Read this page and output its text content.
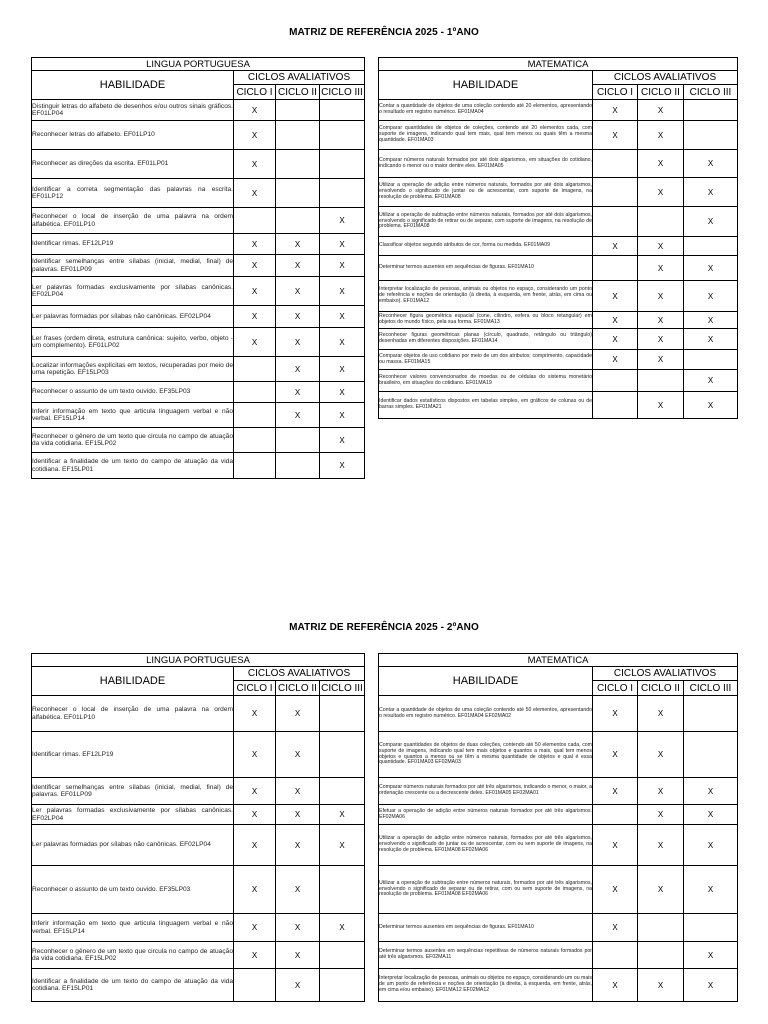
MATRIZ DE REFERÊNCIA 2025 - 1ºANO
LINGUA PORTUGUESA			
HABILIDADE	CICLOS AVALIATIVOS		
	CICLO I	CICLO II	CICLO III
Distinguir letras do alfabeto de desenhos e/ou outros sinais gráficos. EF01LP04	X		
Reconhecer letras do alfabeto. EF01LP10	X		
Reconhecer as direções da escrita. EF01LP01	X		
Identificar a correta segmentação das palavras na escrita. EF01LP12	X		
Reconhecer o local de inserção de uma palavra na ordem alfabética. EF01LP10			X
Identificar rimas. EF12LP19	X	X	X
Identificar semelhanças entre sílabas (inicial, medial, final) de palavras. EF01LP09	X	X	X
Ler palavras formadas exclusivamente por sílabas canônicas. EF02LP04	X	X	X
Ler palavras formadas por sílabas não canônicas. EF02LP04	X	X	X
Ler frases (ordem direta, estrutura canônica: sujeito, verbo, objeto - um complemento). EF01LP02	X	X	X
Localizar informações explícitas em textos, recuperadas por meio de uma repetição. EF15LP03		X	X
Reconhecer o assunto de um texto ouvido. EF35LP03		X	X
Inferir informação em texto que articula linguagem verbal e não verbal. EF15LP14		X	X
Reconhecer o gênero de um texto que circula no campo de atuação da vida cotidiana. EF15LP02			X
Identificar a finalidade de um texto do campo de atuação da vida cotidiana. EF15LP01			X
MATEMATICA			
HABILIDADE	CICLOS AVALIATIVOS		
	CICLO I	CICLO II	CICLO III
Contar a quantidade de objetos de uma coleção contendo até 20 elementos, apresentando o resultado em registro numérico. EF01MA04	X	X	
Comparar quantidades de objetos de coleções, contendo até 20 elementos cada, com suporte de imagens, indicando qual tem mais, qual tem menos ou quais têm a mesma quantidade. EF01MA03	X	X	
Comparar números naturais formados por até dois algarismos, em situações do cotidiano, indicando o menor ou o maior dentre eles. EF01MA05		X	X
Utilizar a operação de adição entre números naturais, formados por até dois algarismos, envolvendo o significado de juntar ou de acrescentar, com suporte de imagens, na resolução de problema. EF01MA08		X	X
Utilizar a operação de subtração entre números naturais, formados por até dois algarismos, envolvendo o significado de retirar ou de separar, com suporte de imagens, na resolução de problema. EF01MA08			X
Classificar objetos segundo atributos de cor, forma ou medida. EF01MA09	X	X	
Determinar termos ausentes em sequências de figuras. EF01MA10		X	X
Interpretar localização de pessoas, animais ou objetos no espaço, considerando um ponto de referência e noções de orientação (à direita, à esquerda, em frente, atrás, em cima ou embaixo). EF01MA12	X	X	X
Reconhecer figura geométrica espacial (cone, cilindro, esfera ou bloco retangular) em objetos do mundo físico, pela sua forma. EF01MA13	X	X	X
Reconhecer figuras geométricas planas (círculo, quadrado, retângulo ou triângulo) desenhadas em diferentes disposições. EF01MA14	X	X	X
Comparar objetos de uso cotidiano por meio de um dos atributos: comprimento, capacidade ou massa. EF01MA15	X	X	
Reconhecer valores convencionados de moedas ou de cédulas do sistema monetário brasileiro, em situações do cotidiano. EF01MA19			X
Identificar dados estatísticos dispostos em tabelas simples, em gráficos de colunas ou de barras simples. EF01MA21		X	X
MATRIZ DE REFERÊNCIA 2025 - 2ºANO
LINGUA PORTUGUESA			
HABILIDADE	CICLOS AVALIATIVOS		
	CICLO I	CICLO II	CICLO III
Reconhecer o local de inserção de uma palavra na ordem alfabética. EF01LP10	X	X	
Identificar rimas. EF12LP19	X	X	
Identificar semelhanças entre sílabas (inicial, medial, final) de palavras. EF01LP09	X	X	
Ler palavras formadas exclusivamente por sílabas canônicas. EF02LP04	X	X	X
Ler palavras formadas por sílabas não canônicas. EF02LP04	X	X	X
Reconhecer o assunto de um texto ouvido. EF35LP03	X	X	
Inferir informação em texto que articula linguagem verbal e não verbal. EF15LP14	X	X	X
Reconhecer o gênero de um texto que circula no campo de atuação da vida cotidiana. EF15LP02	X	X	
Identificar a finalidade de um texto do campo de atuação da vida cotidiana. EF15LP01		X	
MATEMATICA			
HABILIDADE	CICLOS AVALIATIVOS		
	CICLO I	CICLO II	CICLO III
Contar a quantidade de objetos de uma coleção contendo até 50 elementos, apresentando o resultado em registro numérico. EF01MA04 EF02MA02	X	X	
Comparar quantidades de objetos de duas coleções, contendo até 50 elementos cada, com suporte de imagens, indicando qual tem mais objetos e quantos a mais, qual tem menos objetos e quantos a menos ou se têm a mesma quantidade de objetos e qual é essa quantidade. EF01MA03 EF02MA03	X	X	
Comparar números naturais formados por até três algarismos, indicando o menor, o maior, a ordenação crescente ou a decrescente deles. EF01MA05 EF02MA01	X	X	X
Efetuar a operação de adição entre números naturais formados por até três algarismos. EF02MA06		X	X
Utilizar a operação de adição entre números naturais, formados por até três algarismos, envolvendo o significado de juntar ou de acrescentar, com ou sem suporte de imagens, na resolução de problema. EF01MA08 EF02MA06	X	X	X
Utilizar a operação de subtração entre números naturais, formados por até três algarismos, envolvendo o significado de separar ou de retirar, com ou sem suporte de imagens, na resolução de problema. EF01MA08 EF02MA06	X	X	X
Determinar termos ausentes em sequências de figuras. EF01MA10	X		
Determinar termos ausentes em sequências repetitivas de números naturais formados por até três algarismos. EF02MA11			X
Interpretar localização de pessoas, animais ou objetos no espaço, considerando um ou mais de um ponto de referência e noções de orientação (à direita, à esquerda, em frente, atrás, em cima e/ou embaixo). EF01MA12 EF02MA12	X	X	X
